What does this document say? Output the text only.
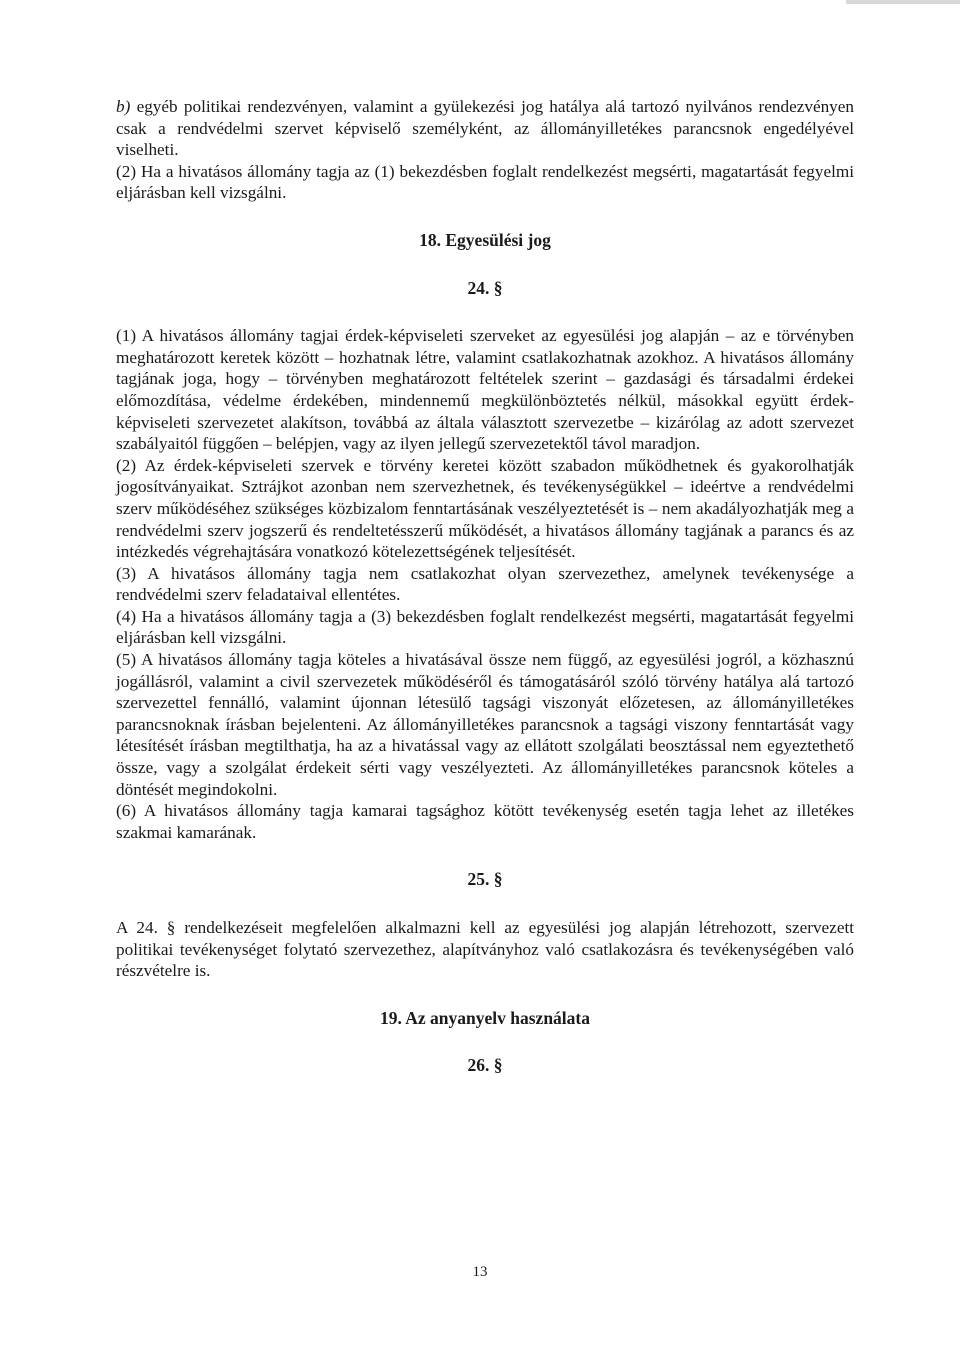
b) egyéb politikai rendezvényen, valamint a gyülekezési jog hatálya alá tartozó nyilvános rendezvényen csak a rendvédelmi szervet képviselő személyként, az állományilletékes parancsnok engedélyével viselheti.

(2) Ha a hivatásos állomány tagja az (1) bekezdésben foglalt rendelkezést megsérti, magatartását fegyelmi eljárásban kell vizsgálni.

18. Egyesülési jog

24. §

(1) A hivatásos állomány tagjai érdek-képviseleti szerveket az egyesülési jog alapján – az e törvényben meghatározott keretek között – hozhatnak létre, valamint csatlakozhatnak azokhoz. A hivatásos állomány tagjának joga, hogy – törvényben meghatározott feltételek szerint – gazdasági és társadalmi érdekei előmozdítása, védelme érdekében, mindennemű megkülönböztetés nélkül, másokkal együtt érdek-képviseleti szervezetet alakítson, továbbá az általa választott szervezetbe – kizárólag az adott szervezet szabályaitól függően – belépjen, vagy az ilyen jellegű szervezetektől távol maradjon.

(2) Az érdek-képviseleti szervek e törvény keretei között szabadon működhetnek és gyakorolhatják jogosítványaikat. Sztrájkot azonban nem szervezhetnek, és tevékenységükkel – ideértve a rendvédelmi szerv működéséhez szükséges közbizalom fenntartásának veszélyeztetését is – nem akadályozhatják meg a rendvédelmi szerv jogszerű és rendeltetésszerű működését, a hivatásos állomány tagjának a parancs és az intézkedés végrehajtására vonatkozó kötelezettségének teljesítését.

(3) A hivatásos állomány tagja nem csatlakozhat olyan szervezethez, amelynek tevékenysége a rendvédelmi szerv feladataival ellentétes.

(4) Ha a hivatásos állomány tagja a (3) bekezdésben foglalt rendelkezést megsérti, magatartását fegyelmi eljárásban kell vizsgálni.

(5) A hivatásos állomány tagja köteles a hivatásával össze nem függő, az egyesülési jogról, a közhasznú jogállásról, valamint a civil szervezetek működéséről és támogatásáról szóló törvény hatálya alá tartozó szervezettel fennálló, valamint újonnan létesülő tagsági viszonyát előzetesen, az állományilletékes parancsnoknak írásban bejelenteni. Az állományilletékes parancsnok a tagsági viszony fenntartását vagy létesítését írásban megtilthatja, ha az a hivatással vagy az ellátott szolgálati beosztással nem egyeztethető össze, vagy a szolgálat érdekeit sérti vagy veszélyezteti. Az állományilletékes parancsnok köteles a döntését megindokolni.

(6) A hivatásos állomány tagja kamarai tagsághoz kötött tevékenység esetén tagja lehet az illetékes szakmai kamarának.

25. §

A 24. § rendelkezéseit megfelelően alkalmazni kell az egyesülési jog alapján létrehozott, szervezett politikai tevékenységet folytató szervezethez, alapítványhoz való csatlakozásra és tevékenységében való részvételre is.

19. Az anyanyelv használata

26. §

13
